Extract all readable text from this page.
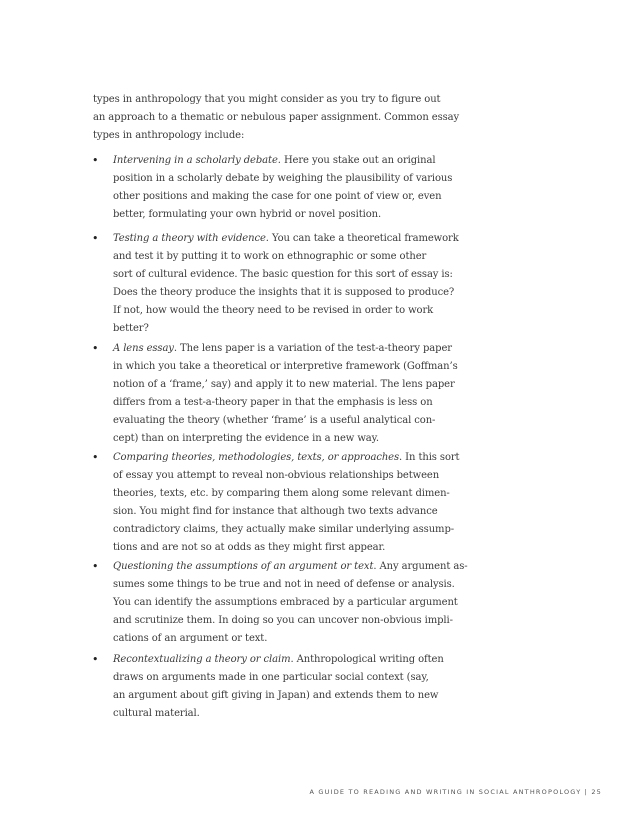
types in anthropology that you might consider as you try to figure out
an approach to a thematic or nebulous paper assignment. Common essay
types in anthropology include:
• Intervening in a scholarly debate. Here you stake out an original
position in a scholarly debate by weighing the plausibility of various
other positions and making the case for one point of view or, even
better, formulating your own hybrid or novel position.
• Testing a theory with evidence. You can take a theoretical framework
and test it by putting it to work on ethnographic or some other
sort of cultural evidence. The basic question for this sort of essay is:
Does the theory produce the insights that it is supposed to produce?
If not, how would the theory need to be revised in order to work
better?
• A lens essay. The lens paper is a variation of the test-a-theory paper
in which you take a theoretical or interpretive framework (Goffman’s
notion of a ‘frame,’ say) and apply it to new material. The lens paper
differs from a test-a-theory paper in that the emphasis is less on
evaluating the theory (whether ‘frame’ is a useful analytical con-
cept) than on interpreting the evidence in a new way.
• Comparing theories, methodologies, texts, or approaches. In this sort
of essay you attempt to reveal non-obvious relationships between
theories, texts, etc. by comparing them along some relevant dimen-
sion. You might find for instance that although two texts advance
contradictory claims, they actually make similar underlying assump-
tions and are not so at odds as they might first appear.
• Questioning the assumptions of an argument or text. Any argument as-
sumes some things to be true and not in need of defense or analysis.
You can identify the assumptions embraced by a particular argument
and scrutinize them. In doing so you can uncover non-obvious impli-
cations of an argument or text.
• Recontextualizing a theory or claim. Anthropological writing often
draws on arguments made in one particular social context (say,
an argument about gift giving in Japan) and extends them to new
cultural material.
A GUIDE TO READING AND WRITING IN SOCIAL ANTHROPOLOGY | 25
